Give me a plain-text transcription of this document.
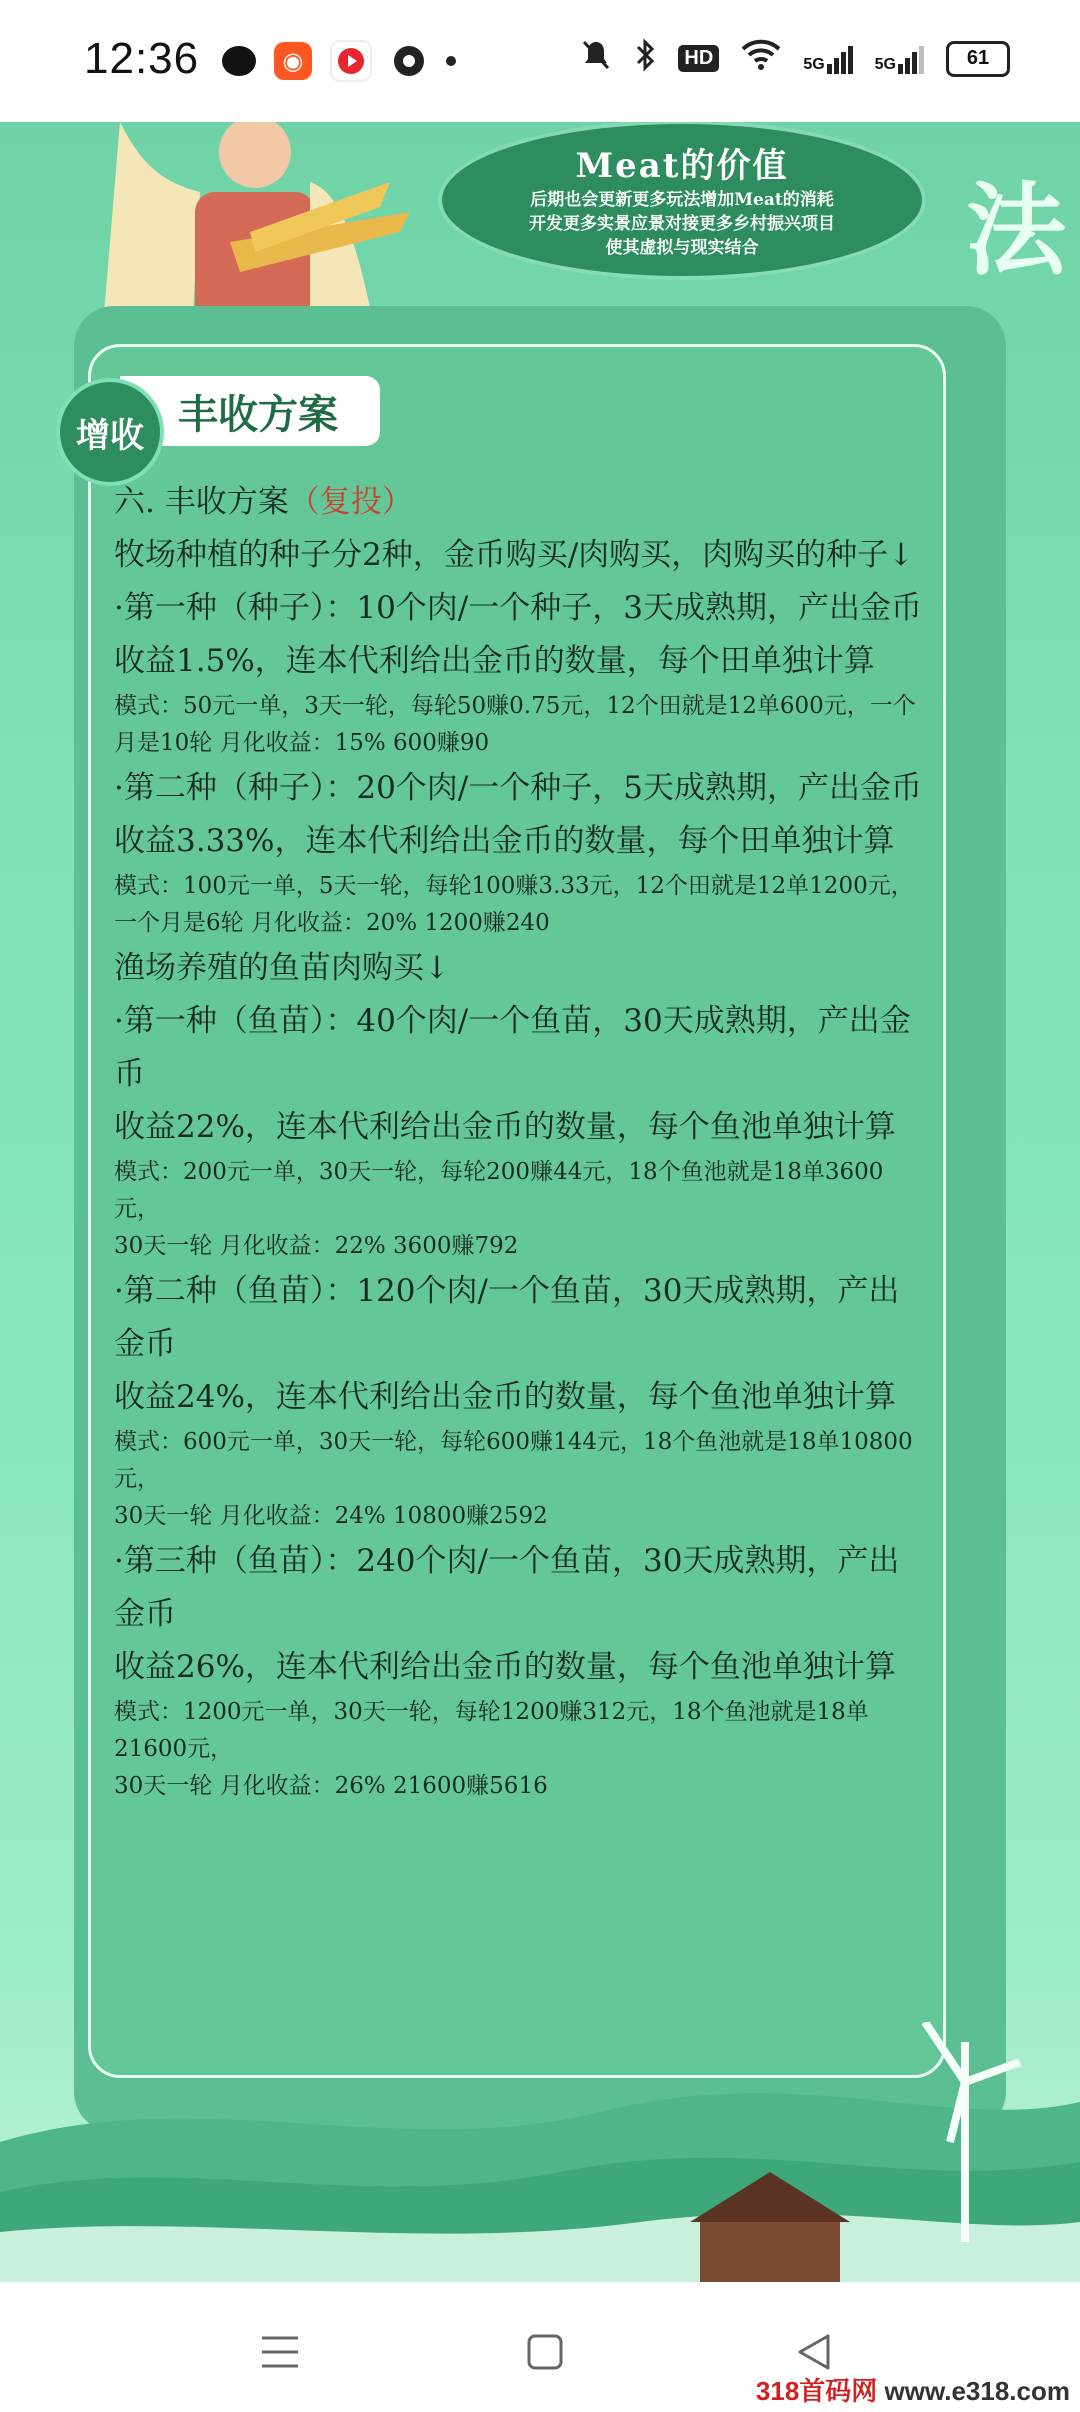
12:36	◉	HD	5G	5G	61
Meat的价值
后期也会更新更多玩法增加Meat的消耗
开发更多实景应景对接更多乡村振兴项目
使其虚拟与现实结合	法
增收 丰收方案
六. 丰收方案（复投）
牧场种植的种子分2种，金币购买/肉购买，肉购买的种子↓
·第一种（种子）：10个肉/一个种子，3天成熟期，产出金币
收益1.5%，连本代利给出金币的数量，每个田单独计算
模式：50元一单，3天一轮，每轮50赚0.75元，12个田就是12单600元，一个月是10轮 月化收益：15% 600赚90
·第二种（种子）：20个肉/一个种子，5天成熟期，产出金币
收益3.33%，连本代利给出金币的数量，每个田单独计算
模式：100元一单，5天一轮，每轮100赚3.33元，12个田就是12单1200元，
一个月是6轮 月化收益：20% 1200赚240
渔场养殖的鱼苗肉购买↓
·第一种（鱼苗）：40个肉/一个鱼苗，30天成熟期，产出金币
收益22%，连本代利给出金币的数量，每个鱼池单独计算
模式：200元一单，30天一轮，每轮200赚44元，18个鱼池就是18单3600元，
30天一轮 月化收益：22% 3600赚792
·第二种（鱼苗）：120个肉/一个鱼苗，30天成熟期，产出金币
收益24%，连本代利给出金币的数量，每个鱼池单独计算
模式：600元一单，30天一轮，每轮600赚144元，18个鱼池就是18单10800元，
30天一轮 月化收益：24% 10800赚2592
·第三种（鱼苗）：240个肉/一个鱼苗，30天成熟期，产出金币
收益26%，连本代利给出金币的数量，每个鱼池单独计算
模式：1200元一单，30天一轮，每轮1200赚312元，18个鱼池就是18单21600元，
30天一轮 月化收益：26% 21600赚5616
318首码网 www.e318.com
